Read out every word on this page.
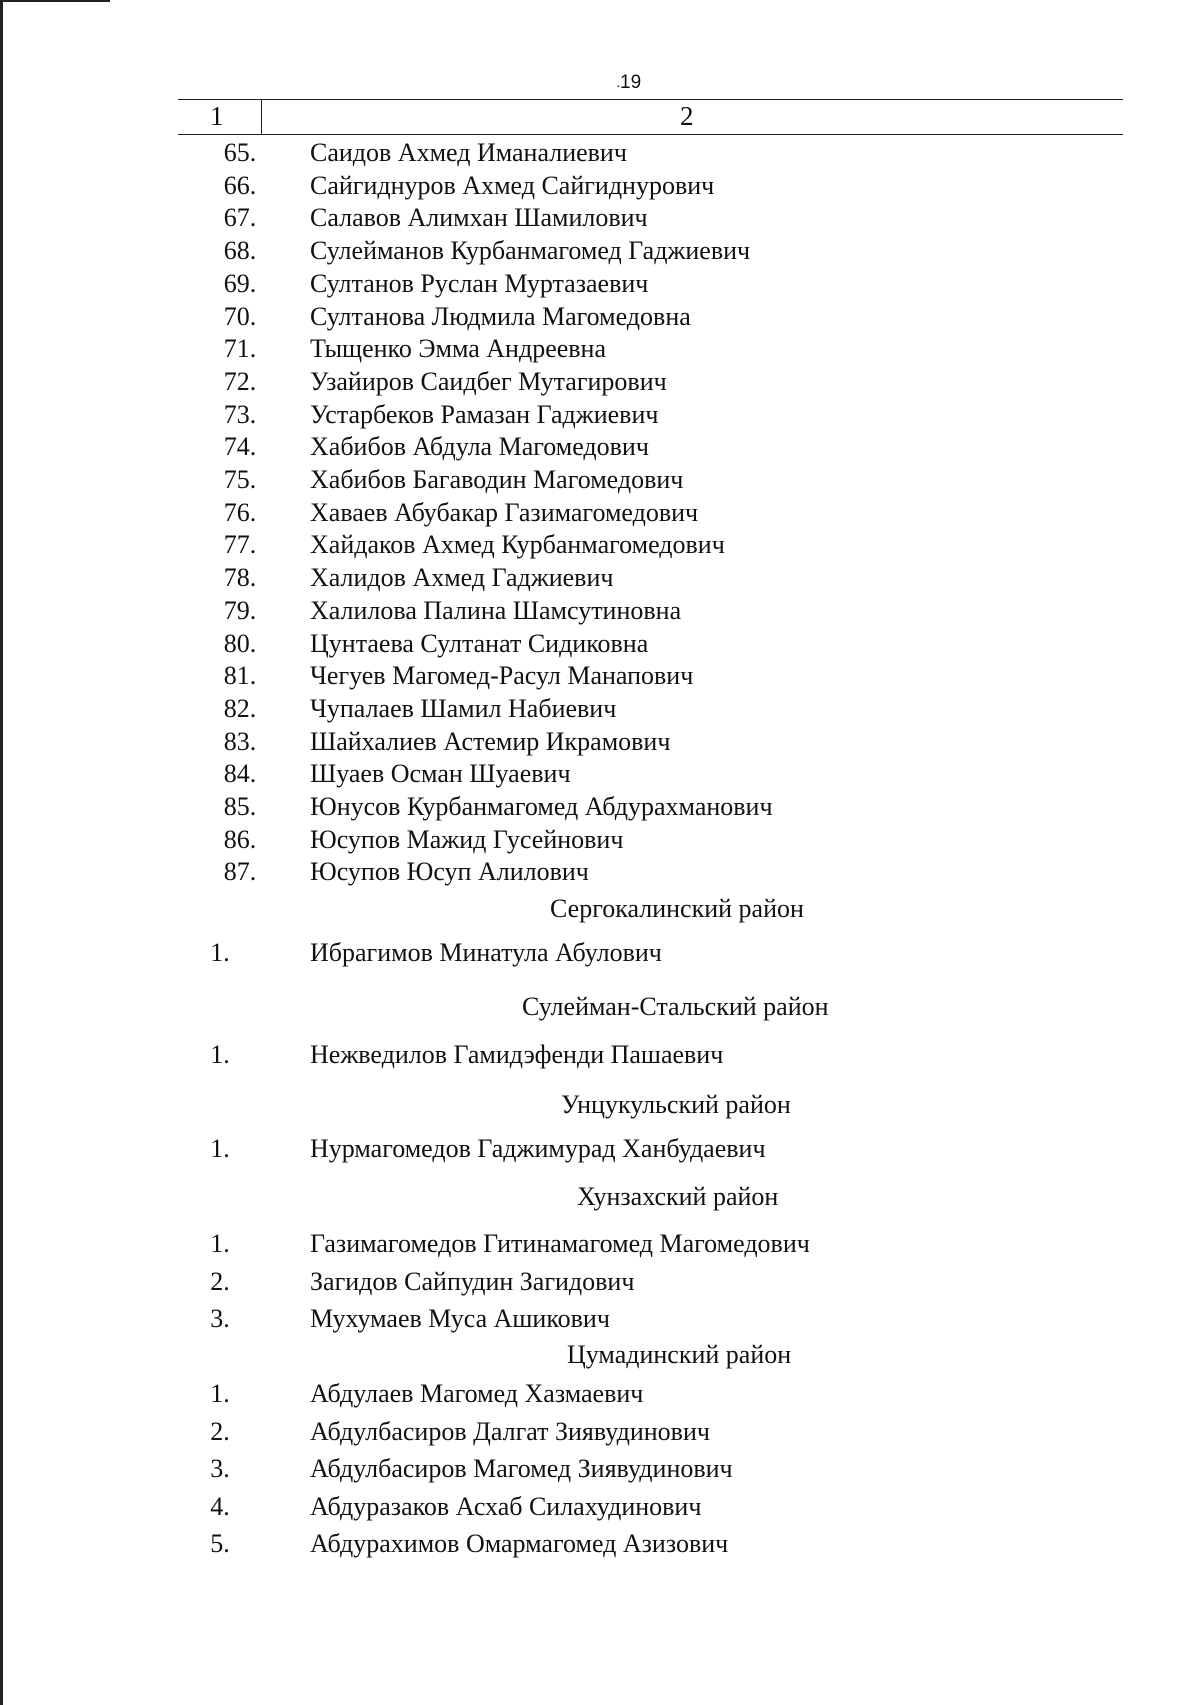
· 19
1	2
65.	Саидов Ахмед Иманалиевич
66.	Сайгиднуров Ахмед Сайгиднурович
67.	Салавов Алимхан Шамилович
68.	Сулейманов Курбанмагомед Гаджиевич
69.	Султанов Руслан Муртазаевич
70.	Султанова Людмила Магомедовна
71.	Тыщенко Эмма Андреевна
72.	Узайиров Саидбег Мутагирович
73.	Устарбеков Рамазан Гаджиевич
74.	Хабибов Абдула Магомедович
75.	Хабибов Багаводин Магомедович
76.	Хаваев Абубакар Газимагомедович
77.	Хайдаков Ахмед Курбанмагомедович
78.	Халидов Ахмед Гаджиевич
79.	Халилова Палина Шамсутиновна
80.	Цунтаева Султанат Сидиковна
81.	Чегуев Магомед-Расул Манапович
82.	Чупалаев Шамил Набиевич
83.	Шайхалиев Астемир Икрамович
84.	Шуаев Осман Шуаевич
85.	Юнусов Курбанмагомед Абдурахманович
86.	Юсупов Мажид Гусейнович
87.	Юсупов Юсуп Алилович
Сергокалинский район
1.	Ибрагимов Минатула Абулович
Сулейман-Стальский район
1.	Нежведилов Гамидэфенди Пашаевич
Унцукульский район
1.	Нурмагомедов Гаджимурад Ханбудаевич
Хунзахский район
1.	Газимагомедов Гитинамагомед Магомедович
2.	Загидов Сайпудин Загидович
3.	Мухумаев Муса Ашикович
Цумадинский район
1.	Абдулаев Магомед Хазмаевич
2.	Абдулбасиров Далгат Зиявудинович
3.	Абдулбасиров Магомед Зиявудинович
4.	Абдуразаков Асхаб Силахудинович
5.	Абдурахимов Омармагомед Азизович
